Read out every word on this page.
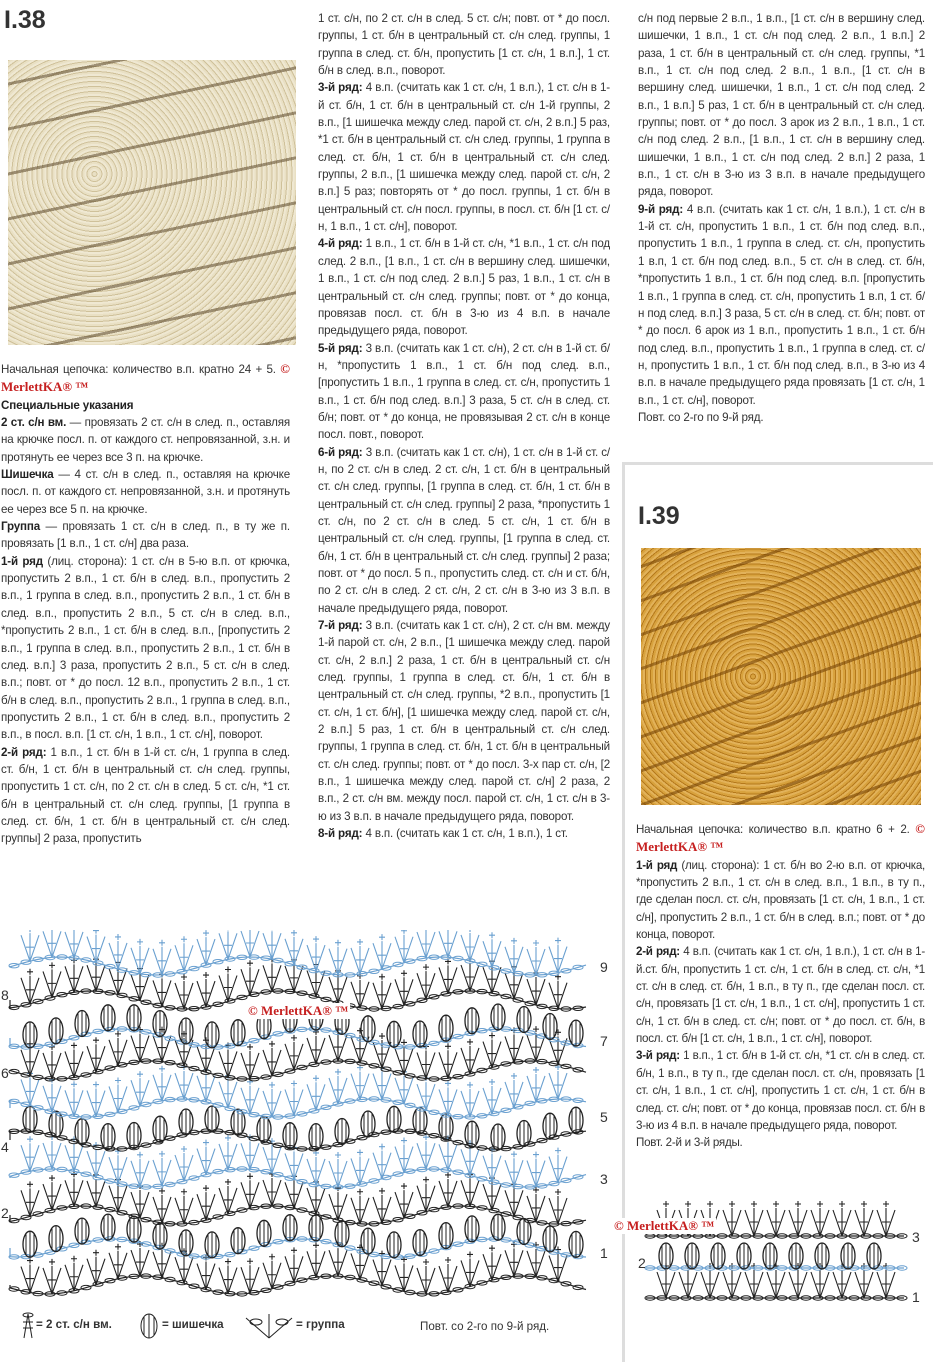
I.38

Начальная цепочка: количество в.п. кратно 24 + 5. © MerlettKA® ™

Специальные указания

2 ст. с/н вм. — провязать 2 ст. с/н в след. п., оставляя на крючке посл. п. от каждого ст. непровязанной, з.н. и протянуть ее через все 3 п. на крючке.

Шишечка — 4 ст. с/н в след. п., оставляя на крючке посл. п. от каждого ст. непровязанной, з.н. и протянуть ее через все 5 п. на крючке.

Группа — провязать 1 ст. с/н в след. п., в ту же п. провязать [1 в.п., 1 ст. с/н] два раза.

1-й ряд (лиц. сторона): 1 ст. с/н в 5-ю в.п. от крючка, пропустить 2 в.п., 1 ст. б/н в след. в.п., пропустить 2 в.п., 1 группа в след. в.п., пропустить 2 в.п., 1 ст. б/н в след. в.п., пропустить 2 в.п., 5 ст. с/н в след. в.п., *пропустить 2 в.п., 1 ст. б/н в след. в.п., [пропустить 2 в.п., 1 группа в след. в.п., пропустить 2 в.п., 1 ст. б/н в след. в.п.] 3 раза, пропустить 2 в.п., 5 ст. с/н в след. в.п.; повт. от * до посл. 12 в.п., пропустить 2 в.п., 1 ст. б/н в след. в.п., пропустить 2 в.п., 1 группа в след. в.п., пропустить 2 в.п., 1 ст. б/н в след. в.п., пропустить 2 в.п., в посл. в.п. [1 ст. с/н, 1 в.п., 1 ст. с/н], поворот.

2-й ряд: 1 в.п., 1 ст. б/н в 1-й ст. с/н, 1 группа в след. ст. б/н, 1 ст. б/н в центральный ст. с/н след. группы, пропустить 1 ст. с/н, по 2 ст. с/н в след. 5 ст. с/н, *1 ст. б/н в центральный ст. с/н след. группы, [1 группа в след. ст. б/н, 1 ст. б/н в центральный ст. с/н след. группы] 2 раза, пропустить

1 ст. с/н, по 2 ст. с/н в след. 5 ст. с/н; повт. от * до посл. группы, 1 ст. б/н в центральный ст. с/н след. группы, 1 группа в след. ст. б/н, пропустить [1 ст. с/н, 1 в.п.], 1 ст. б/н в след. в.п., поворот.

3-й ряд: 4 в.п. (считать как 1 ст. с/н, 1 в.п.), 1 ст. с/н в 1-й ст. б/н, 1 ст. б/н в центральный ст. с/н 1-й группы, 2 в.п., [1 шишечка между след. парой ст. с/н, 2 в.п.] 5 раз, *1 ст. б/н в центральный ст. с/н след. группы, 1 группа в след. ст. б/н, 1 ст. б/н в центральный ст. с/н след. группы, 2 в.п., [1 шишечка между след. парой ст. с/н, 2 в.п.] 5 раз; повторять от * до посл. группы, 1 ст. б/н в центральный ст. с/н посл. группы, в посл. ст. б/н [1 ст. с/н, 1 в.п., 1 ст. с/н], поворот.

4-й ряд: 1 в.п., 1 ст. б/н в 1-й ст. с/н, *1 в.п., 1 ст. с/н под след. 2 в.п., [1 в.п., 1 ст. с/н в вершину след. шишечки, 1 в.п., 1 ст. с/н под след. 2 в.п.] 5 раз, 1 в.п., 1 ст. с/н в центральный ст. с/н след. группы; повт. от * до конца, провязав посл. ст. б/н в 3-ю из 4 в.п. в начале предыдущего ряда, поворот.

5-й ряд: 3 в.п. (считать как 1 ст. с/н), 2 ст. с/н в 1-й ст. б/н, *пропустить 1 в.п., 1 ст. б/н под след. в.п., [пропустить 1 в.п., 1 группа в след. ст. с/н, пропустить 1 в.п., 1 ст. б/н под след. в.п.] 3 раза, 5 ст. с/н в след. ст. б/н; повт. от * до конца, не провязывая 2 ст. с/н в конце посл. повт., поворот.

6-й ряд: 3 в.п. (считать как 1 ст. с/н), 1 ст. с/н в 1-й ст. с/н, по 2 ст. с/н в след. 2 ст. с/н, 1 ст. б/н в центральный ст. с/н след. группы, [1 группа в след. ст. б/н, 1 ст. б/н в центральный ст. с/н след. группы] 2 раза, *пропустить 1 ст. с/н, по 2 ст. с/н в след. 5 ст. с/н, 1 ст. б/н в центральный ст. с/н след. группы, [1 группа в след. ст. б/н, 1 ст. б/н в центральный ст. с/н след. группы] 2 раза; повт. от * до посл. 5 п., пропустить след. ст. с/н и ст. б/н, по 2 ст. с/н в след. 2 ст. с/н, 2 ст. с/н в 3-ю из 3 в.п. в начале предыдущего ряда, поворот.

7-й ряд: 3 в.п. (считать как 1 ст. с/н), 2 ст. с/н вм. между 1-й парой ст. с/н, 2 в.п., [1 шишечка между след. парой ст. с/н, 2 в.п.] 2 раза, 1 ст. б/н в центральный ст. с/н след. группы, 1 группа в след. ст. б/н, 1 ст. б/н в центральный ст. с/н след. группы, *2 в.п., пропустить [1 ст. с/н, 1 ст. б/н], [1 шишечка между след. парой ст. с/н, 2 в.п.] 5 раз, 1 ст. б/н в центральный ст. с/н след. группы, 1 группа в след. ст. б/н, 1 ст. б/н в центральный ст. с/н след. группы; повт. от * до посл. 3-х пар ст. с/н, [2 в.п., 1 шишечка между след. парой ст. с/н] 2 раза, 2 в.п., 2 ст. с/н вм. между посл. парой ст. с/н, 1 ст. с/н в 3-ю из 3 в.п. в начале предыдущего ряда, поворот.

8-й ряд: 4 в.п. (считать как 1 ст. с/н, 1 в.п.), 1 ст.

с/н под первые 2 в.п., 1 в.п., [1 ст. с/н в вершину след. шишечки, 1 в.п., 1 ст. с/н под след. 2 в.п., 1 в.п.] 2 раза, 1 ст. б/н в центральный ст. с/н след. группы, *1 в.п., 1 ст. с/н под след. 2 в.п., 1 в.п., [1 ст. с/н в вершину след. шишечки, 1 в.п., 1 ст. с/н под след. 2 в.п., 1 в.п.] 5 раз, 1 ст. б/н в центральный ст. с/н след. группы; повт. от * до посл. 3 арок из 2 в.п., 1 в.п., 1 ст. с/н под след. 2 в.п., [1 в.п., 1 ст. с/н в вершину след. шишечки, 1 в.п., 1 ст. с/н под след. 2 в.п.] 2 раза, 1 в.п., 1 ст. с/н в 3-ю из 3 в.п. в начале предыдущего ряда, поворот.

9-й ряд: 4 в.п. (считать как 1 ст. с/н, 1 в.п.), 1 ст. с/н в 1-й ст. с/н, пропустить 1 в.п., 1 ст. б/н под след. в.п., пропустить 1 в.п., 1 группа в след. ст. с/н, пропустить 1 в.п, 1 ст. б/н под след. в.п., 5 ст. с/н в след. ст. б/н, *пропустить 1 в.п., 1 ст. б/н под след. в.п. [пропустить 1 в.п., 1 группа в след. ст. с/н, пропустить 1 в.п, 1 ст. б/н под след. в.п.] 3 раза, 5 ст. с/н в след. ст. б/н; повт. от * до посл. 6 арок из 1 в.п., пропустить 1 в.п., 1 ст. б/н под след. в.п., пропустить 1 в.п., 1 группа в след. ст. с/н, пропустить 1 в.п., 1 ст. б/н под след. в.п., в 3-ю из 4 в.п. в начале предыдущего ряда провязать [1 ст. с/н, 1 в.п., 1 ст. с/н], поворот.

Повт. со 2-го по 9-й ряд.

I.39

Начальная цепочка: количество в.п. кратно 6 + 2. © MerlettKA® ™

1-й ряд (лиц. сторона): 1 ст. б/н во 2-ю в.п. от крючка, *пропустить 2 в.п., 1 ст. с/н в след. в.п., 1 в.п., в ту п., где сделан посл. ст. с/н, провязать [1 ст. с/н, 1 в.п., 1 ст. с/н], пропустить 2 в.п., 1 ст. б/н в след. в.п.; повт. от * до конца, поворот.

2-й ряд: 4 в.п. (считать как 1 ст. с/н, 1 в.п.), 1 ст. с/н в 1-й.ст. б/н, пропустить 1 ст. с/н, 1 ст. б/н в след. ст. с/н, *1 ст. с/н в след. ст. б/н, 1 в.п., в ту п., где сделан посл. ст. с/н, провязать [1 ст. с/н, 1 в.п., 1 ст. с/н], пропустить 1 ст. с/н, 1 ст. б/н в след. ст. с/н; повт. от * до посл. ст. б/н, в посл. ст. б/н [1 ст. с/н, 1 в.п., 1 ст. с/н], поворот.

3-й ряд: 1 в.п., 1 ст. б/н в 1-й ст. с/н, *1 ст. с/н в след. ст. б/н, 1 в.п., в ту п., где сделан посл. ст. с/н, провязать [1 ст. с/н, 1 в.п., 1 ст. с/н], пропустить 1 ст. с/н, 1 ст. б/н в след. ст. с/н; повт. от * до конца, провязав посл. ст. б/н в 3-ю из 4 в.п. в начале предыдущего ряда, поворот.

Повт. 2-й и 3-й ряды.

8
6
4
2
9
7
5
3
1
2
3
1
© MerlettKA® ™
© MerlettKA® ™
= 2 ст. с/н вм.	= шишечка	= группа	Повт. со 2-го по 9-й ряд.
